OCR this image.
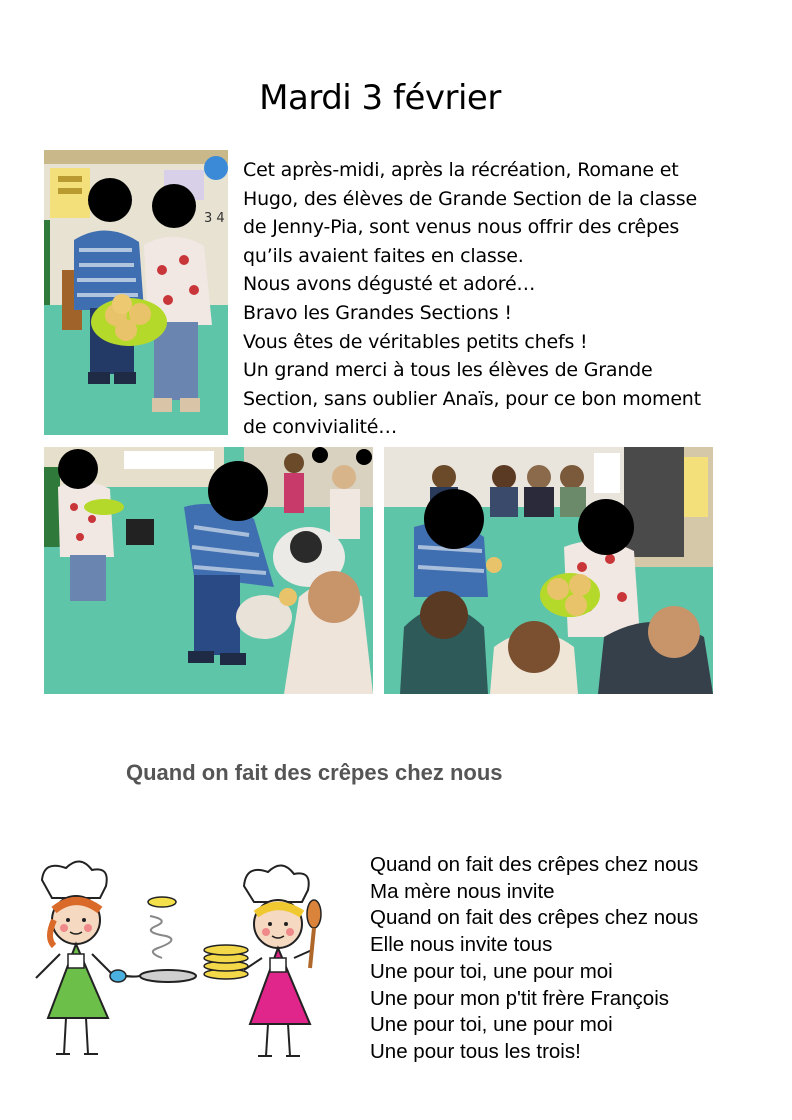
Mardi 3 février

Cet après-midi, après la récréation, Romane et

Hugo, des élèves de Grande Section de la classe

de Jenny-Pia, sont venus nous offrir des crêpes

qu’ils avaient faites en classe.

Nous avons dégusté et adoré…

Bravo les Grandes Sections !

Vous êtes de véritables petits chefs !

Un grand merci à tous les élèves de Grande

Section, sans oublier Anaïs, pour ce bon moment

de convivialité…

3 4
Quand on fait des crêpes chez nous
Quand on fait des crêpes chez nous
Ma mère nous invite
Quand on fait des crêpes chez nous
Elle nous invite tous
Une pour toi, une pour moi
Une pour mon p'tit frère François
Une pour toi, une pour moi
Une pour tous les trois!
